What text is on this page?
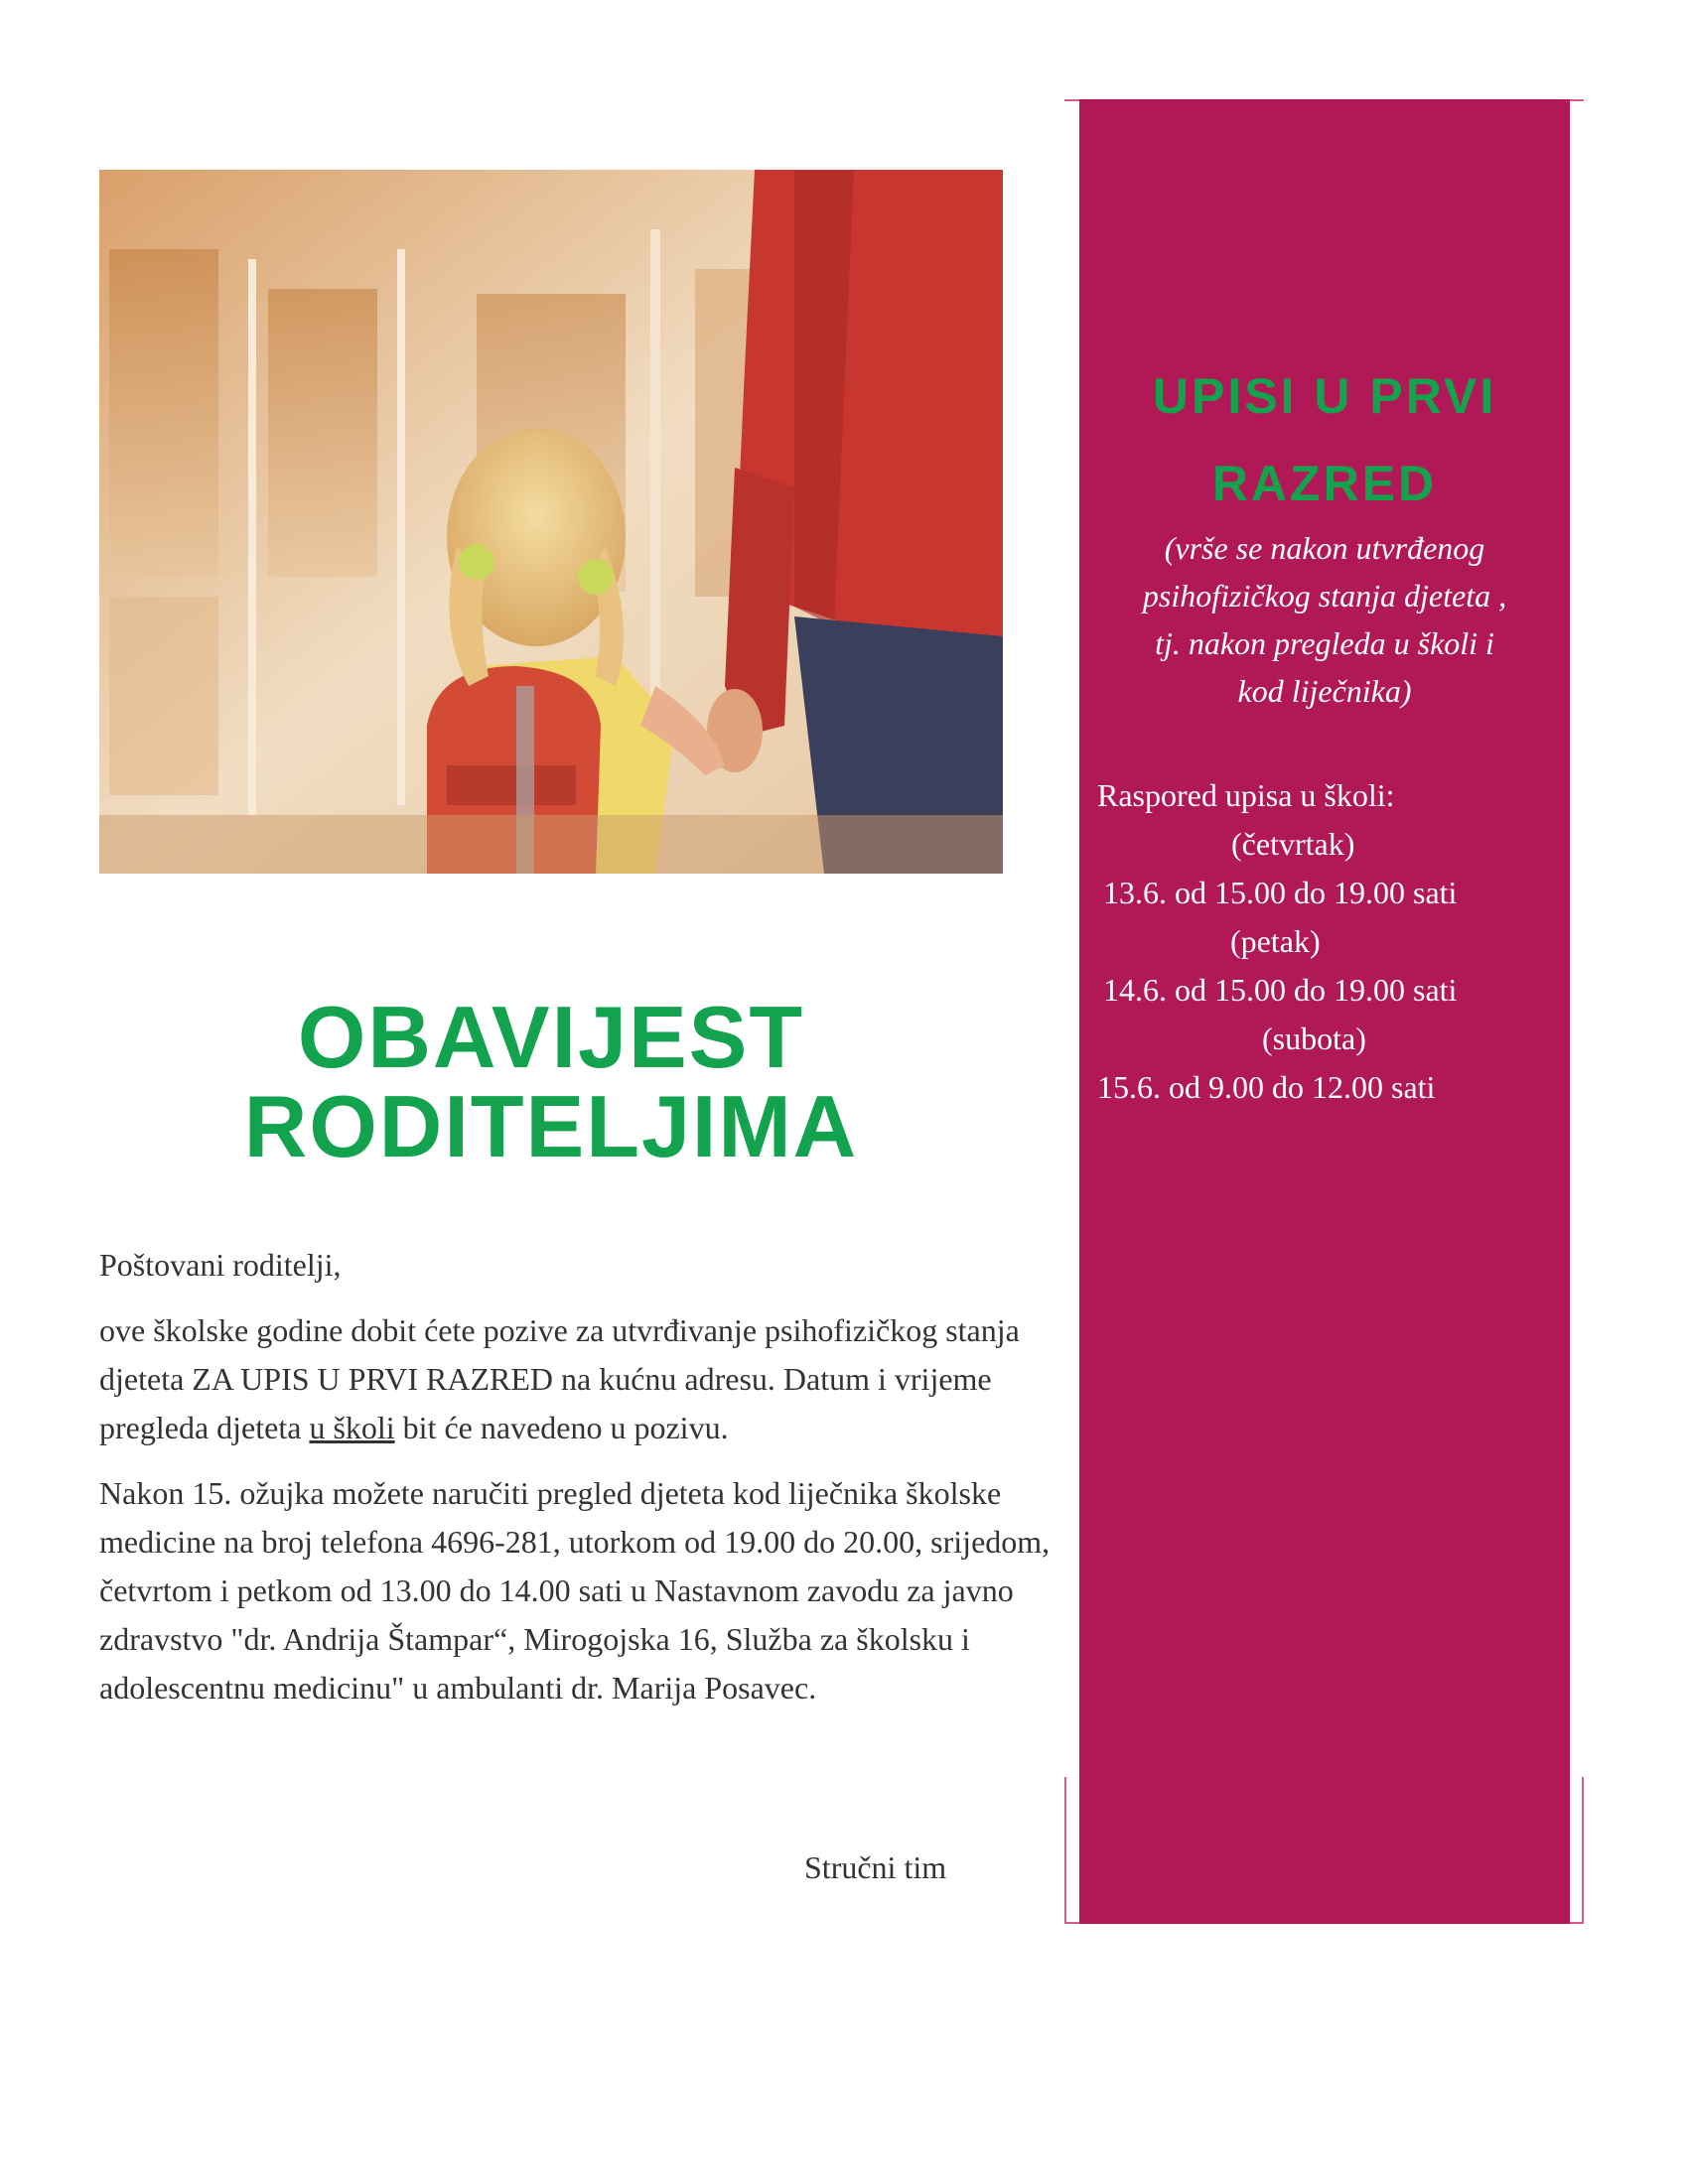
OBAVIJEST
RODITELJIMA

Poštovani roditelji,

ove školske godine dobit ćete pozive za utvrđivanje psihofizičkog stanja djeteta ZA UPIS U PRVI RAZRED na kućnu adresu. Datum i vrijeme pregleda djeteta u školi bit će navedeno u pozivu.

Nakon 15. ožujka možete naručiti pregled djeteta kod liječnika školske medicine na broj telefona 4696-281, utorkom od 19.00 do 20.00, srijedom, četvrtom i petkom od 13.00 do 14.00 sati u Nastavnom zavodu za javno zdravstvo "dr. Andrija Štampar“, Mirogojska 16, Služba za školsku i adolescentnu medicinu" u ambulanti dr. Marija Posavec.

Stručni tim
UPISI U PRVI
RAZRED

(vrše se nakon utvrđenog
psihofizičkog stanja djeteta ,
tj. nakon pregleda u školi i
kod liječnika)

Raspored upisa u školi:
(četvrtak)
13.6. od 15.00 do 19.00 sati
(petak)
14.6. od 15.00 do 19.00 sati
(subota)
15.6. od 9.00 do 12.00 sati
